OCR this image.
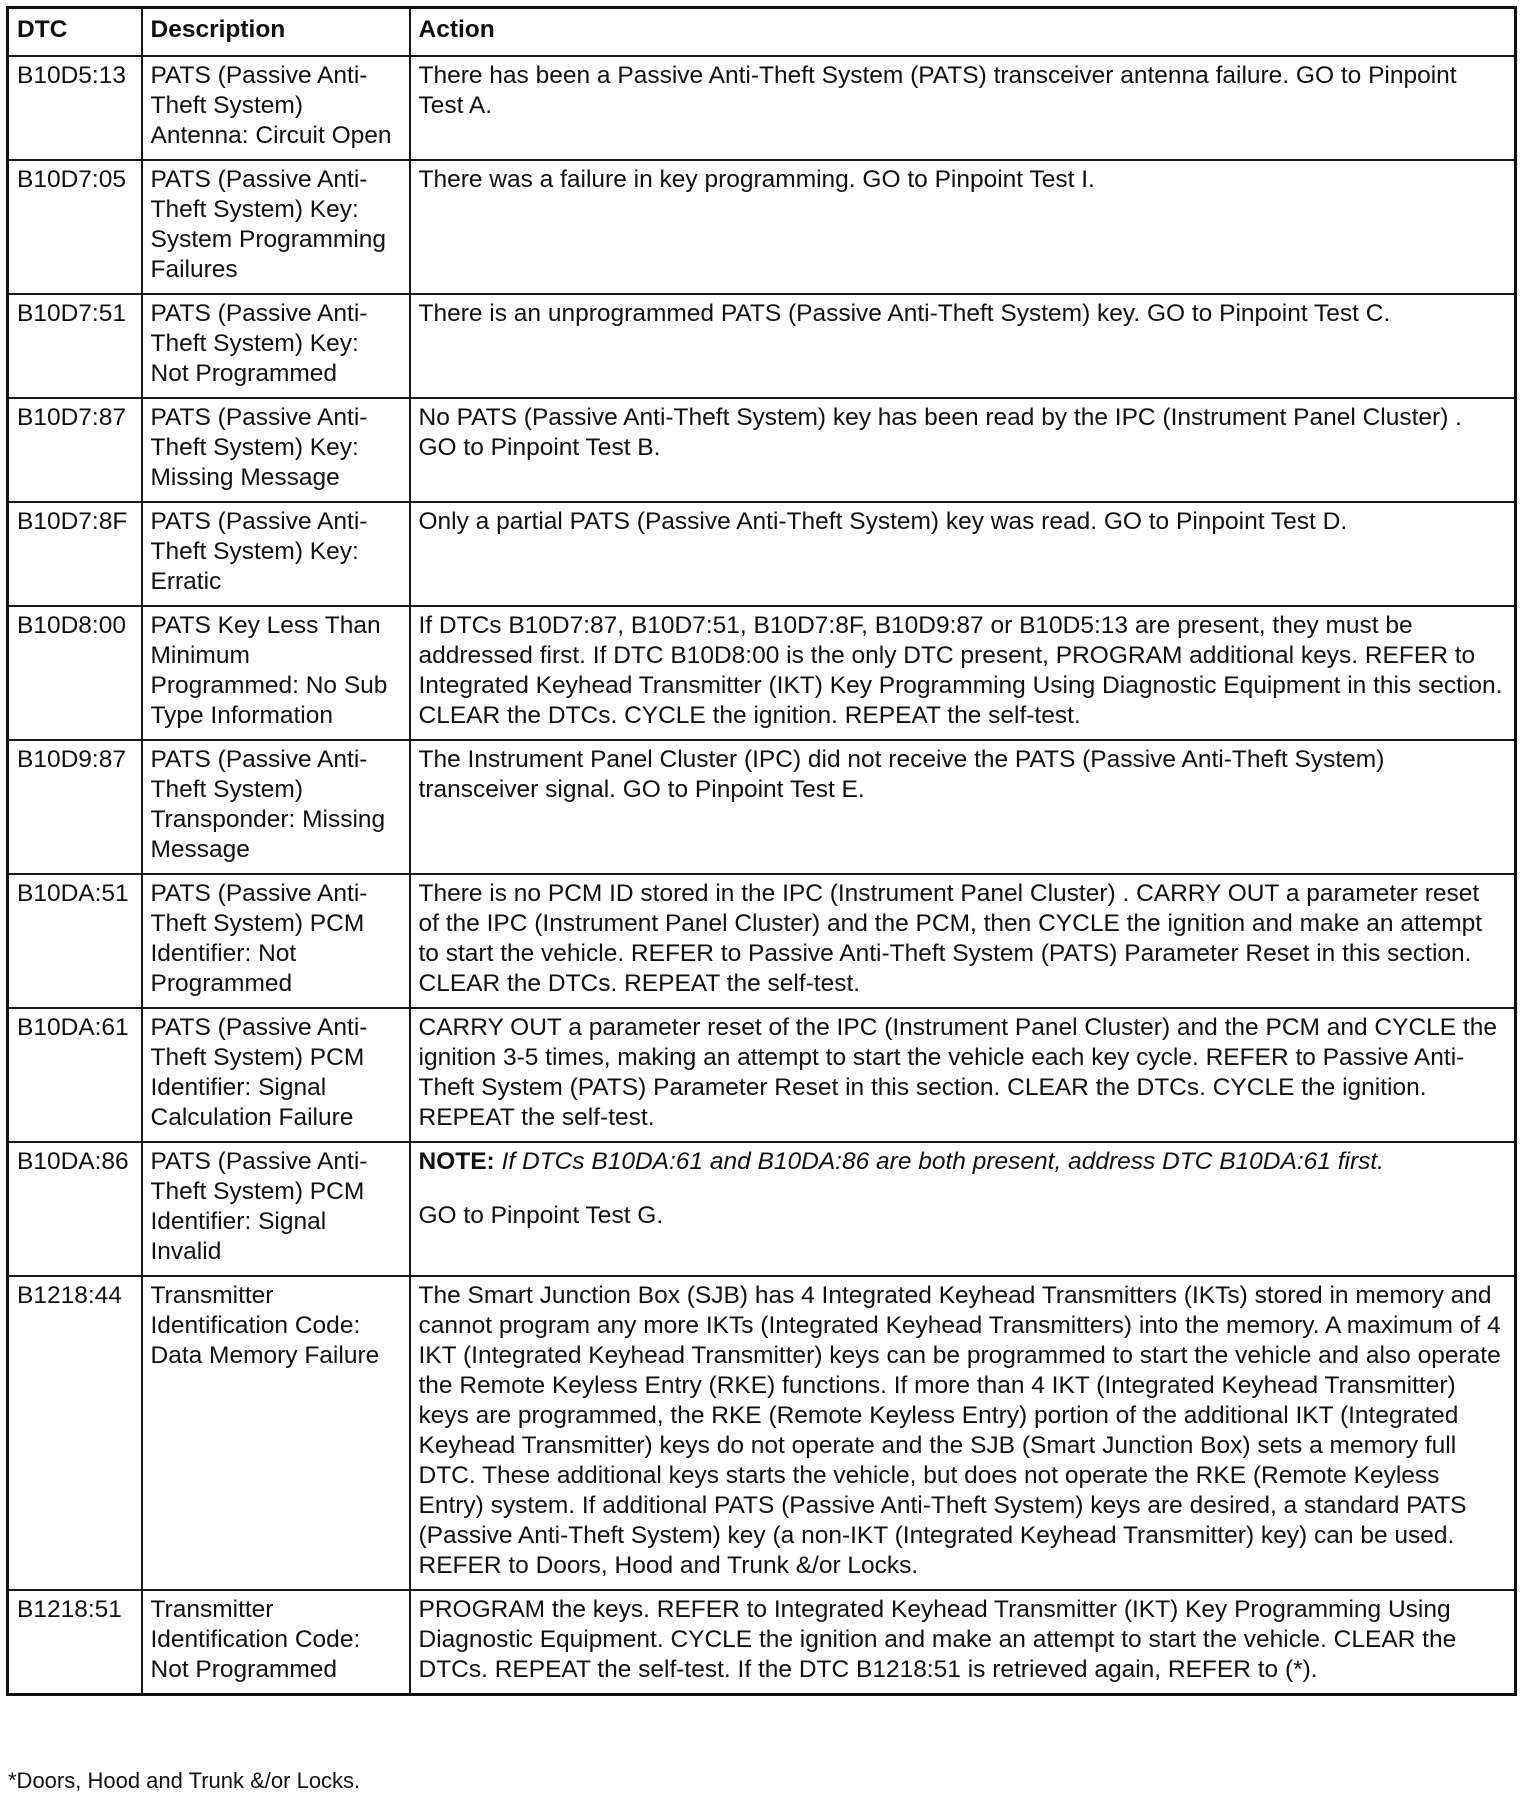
DTC	Description	Action
B10D5:13	PATS (Passive Anti-Theft System) Antenna: Circuit Open	There has been a Passive Anti-Theft System (PATS) transceiver antenna failure. GO to Pinpoint Test A.
B10D7:05	PATS (Passive Anti-Theft System) Key: System Programming Failures	There was a failure in key programming. GO to Pinpoint Test I.
B10D7:51	PATS (Passive Anti-Theft System) Key: Not Programmed	There is an unprogrammed PATS (Passive Anti-Theft System) key. GO to Pinpoint Test C.
B10D7:87	PATS (Passive Anti-Theft System) Key: Missing Message	No PATS (Passive Anti-Theft System) key has been read by the IPC (Instrument Panel Cluster) . GO to Pinpoint Test B.
B10D7:8F	PATS (Passive Anti-Theft System) Key: Erratic	Only a partial PATS (Passive Anti-Theft System) key was read. GO to Pinpoint Test D.
B10D8:00	PATS Key Less Than Minimum Programmed: No Sub Type Information	If DTCs B10D7:87, B10D7:51, B10D7:8F, B10D9:87 or B10D5:13 are present, they must be addressed first. If DTC B10D8:00 is the only DTC present, PROGRAM additional keys. REFER to Integrated Keyhead Transmitter (IKT) Key Programming Using Diagnostic Equipment in this section. CLEAR the DTCs. CYCLE the ignition. REPEAT the self-test.
B10D9:87	PATS (Passive Anti-Theft System) Transponder: Missing Message	The Instrument Panel Cluster (IPC) did not receive the PATS (Passive Anti-Theft System) transceiver signal. GO to Pinpoint Test E.
B10DA:51	PATS (Passive Anti-Theft System) PCM Identifier: Not Programmed	There is no PCM ID stored in the IPC (Instrument Panel Cluster) . CARRY OUT a parameter reset of the IPC (Instrument Panel Cluster) and the PCM, then CYCLE the ignition and make an attempt to start the vehicle. REFER to Passive Anti-Theft System (PATS) Parameter Reset in this section. CLEAR the DTCs. REPEAT the self-test.
B10DA:61	PATS (Passive Anti-Theft System) PCM Identifier: Signal Calculation Failure	CARRY OUT a parameter reset of the IPC (Instrument Panel Cluster) and the PCM and CYCLE the ignition 3-5 times, making an attempt to start the vehicle each key cycle. REFER to Passive Anti-Theft System (PATS) Parameter Reset in this section. CLEAR the DTCs. CYCLE the ignition. REPEAT the self-test.
B10DA:86	PATS (Passive Anti-Theft System) PCM Identifier: Signal Invalid	NOTE: If DTCs B10DA:61 and B10DA:86 are both present, address DTC B10DA:61 first.
GO to Pinpoint Test G.

B1218:44	Transmitter Identification Code: Data Memory Failure	The Smart Junction Box (SJB) has 4 Integrated Keyhead Transmitters (IKTs) stored in memory and cannot program any more IKTs (Integrated Keyhead Transmitters) into the memory. A maximum of 4 IKT (Integrated Keyhead Transmitter) keys can be programmed to start the vehicle and also operate the Remote Keyless Entry (RKE) functions. If more than 4 IKT (Integrated Keyhead Transmitter) keys are programmed, the RKE (Remote Keyless Entry) portion of the additional IKT (Integrated Keyhead Transmitter) keys do not operate and the SJB (Smart Junction Box) sets a memory full DTC. These additional keys starts the vehicle, but does not operate the RKE (Remote Keyless Entry) system. If additional PATS (Passive Anti-Theft System) keys are desired, a standard PATS (Passive Anti-Theft System) key (a non-IKT (Integrated Keyhead Transmitter) key) can be used. REFER to Doors, Hood and Trunk &/or Locks.
B1218:51	Transmitter Identification Code: Not Programmed	PROGRAM the keys. REFER to Integrated Keyhead Transmitter (IKT) Key Programming Using Diagnostic Equipment. CYCLE the ignition and make an attempt to start the vehicle. CLEAR the DTCs. REPEAT the self-test. If the DTC B1218:51 is retrieved again, REFER to (*).
*Doors, Hood and Trunk &/or Locks.
